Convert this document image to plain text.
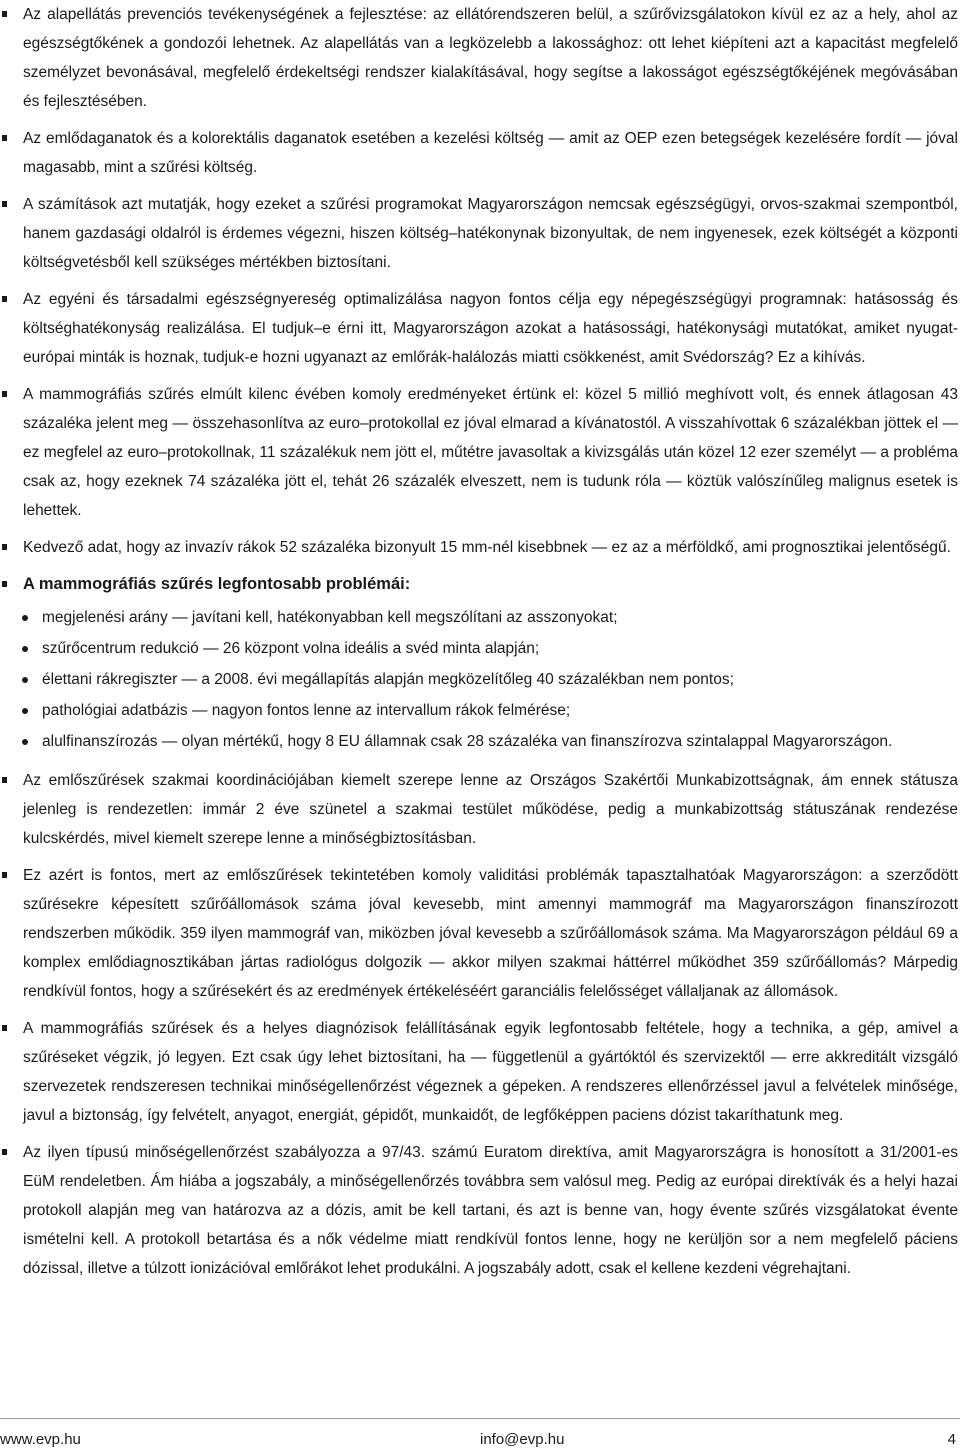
Az alapellátás prevenciós tevékenységének a fejlesztése: az ellátórendszeren belül, a szűrővizsgálatokon kívül ez az a hely, ahol az egészségtőkének a gondozói lehetnek. Az alapellátás van a legközelebb a lakossághoz: ott lehet kiépíteni azt a kapacitást megfelelő személyzet bevonásával, megfelelő érdekeltségi rendszer kialakításával, hogy segítse a lakosságot egészségtőkéjének megóvásában és fejlesztésében.
Az emlődaganatok és a kolorektális daganatok esetében a kezelési költség — amit az OEP ezen betegségek kezelésére fordít — jóval magasabb, mint a szűrési költség.
A számítások azt mutatják, hogy ezeket a szűrési programokat Magyarországon nemcsak egészségügyi, orvos-szakmai szempontból, hanem gazdasági oldalról is érdemes végezni, hiszen költség–hatékonynak bizonyultak, de nem ingyenesek, ezek költségét a központi költségvetésből kell szükséges mértékben biztosítani.
Az egyéni és társadalmi egészségnyereség optimalizálása nagyon fontos célja egy népegészségügyi programnak: hatásosság és költséghatékonyság realizálása. El tudjuk–e érni itt, Magyarországon azokat a hatásossági, hatékonysági mutatókat, amiket nyugat-európai minták is hoznak, tudjuk-e hozni ugyanazt az emlőrák-halálozás miatti csökkenést, amit Svédország? Ez a kihívás.
A mammográfiás szűrés elmúlt kilenc évében komoly eredményeket értünk el: közel 5 millió meghívott volt, és ennek átlagosan 43 százaléka jelent meg — összehasonlítva az euro–protokollal ez jóval elmarad a kívánatostól. A visszahívottak 6 százalékban jöttek el — ez megfelel az euro–protokollnak, 11 százalékuk nem jött el, műtétre javasoltak a kivizsgálás után közel 12 ezer személyt — a probléma csak az, hogy ezeknek 74 százaléka jött el, tehát 26 százalék elveszett, nem is tudunk róla — köztük valószínűleg malignus esetek is lehettek.
Kedvező adat, hogy az invazív rákok 52 százaléka bizonyult 15 mm-nél kisebbnek — ez az a mérföldkő, ami prognosztikai jelentőségű.
A mammográfiás szűrés legfontosabb problémái:
megjelenési arány — javítani kell, hatékonyabban kell megszólítani az asszonyokat;
szűrőcentrum redukció — 26 központ volna ideális a svéd minta alapján;
élettani rákregiszter — a 2008. évi megállapítás alapján megközelítőleg 40 százalékban nem pontos;
pathológiai adatbázis — nagyon fontos lenne az intervallum rákok felmérése;
alulfinanszírozás — olyan mértékű, hogy 8 EU államnak csak 28 százaléka van finanszírozva szintalappal Magyarországon.
Az emlőszűrések szakmai koordinációjában kiemelt szerepe lenne az Országos Szakértői Munkabizottságnak, ám ennek státusza jelenleg is rendezetlen: immár 2 éve szünetel a szakmai testület működése, pedig a munkabizottság státuszának rendezése kulcskérdés, mivel kiemelt szerepe lenne a minőségbiztosításban.
Ez azért is fontos, mert az emlőszűrések tekintetében komoly validitási problémák tapasztalhatóak Magyarországon: a szerződött szűrésekre képesített szűrőállomások száma jóval kevesebb, mint amennyi mammográf ma Magyarországon finanszírozott rendszerben működik. 359 ilyen mammográf van, miközben jóval kevesebb a szűrőállomások száma. Ma Magyarországon például 69 a komplex emlődiagnosztikában jártas radiológus dolgozik — akkor milyen szakmai háttérrel működhet 359 szűrőállomás? Márpedig rendkívül fontos, hogy a szűrésekért és az eredmények értékeléséért garanciális felelősséget vállaljanak az állomások.
A mammográfiás szűrések és a helyes diagnózisok felállításának egyik legfontosabb feltétele, hogy a technika, a gép, amivel a szűréseket végzik, jó legyen. Ezt csak úgy lehet biztosítani, ha — függetlenül a gyártóktól és szervizektől — erre akkreditált vizsgáló szervezetek rendszeresen technikai minőségellenőrzést végeznek a gépeken. A rendszeres ellenőrzéssel javul a felvételek minősége, javul a biztonság, így felvételt, anyagot, energiát, gépidőt, munkaidőt, de legfőképpen paciens dózist takaríthatunk meg.
Az ilyen típusú minőségellenőrzést szabályozza a 97/43. számú Euratom direktíva, amit Magyarországra is honosított a 31/2001-es EüM rendeletben. Ám hiába a jogszabály, a minőségellenőrzés továbbra sem valósul meg. Pedig az európai direktívák és a helyi hazai protokoll alapján meg van határozva az a dózis, amit be kell tartani, és azt is benne van, hogy évente szűrés vizsgálatokat évente ismételni kell. A protokoll betartása és a nők védelme miatt rendkívül fontos lenne, hogy ne kerüljön sor a nem megfelelő páciens dózissal, illetve a túlzott ionizációval emlőrákot lehet produkálni. A jogszabály adott, csak el kellene kezdeni végrehajtani.
www.evp.hu	info@evp.hu	4
